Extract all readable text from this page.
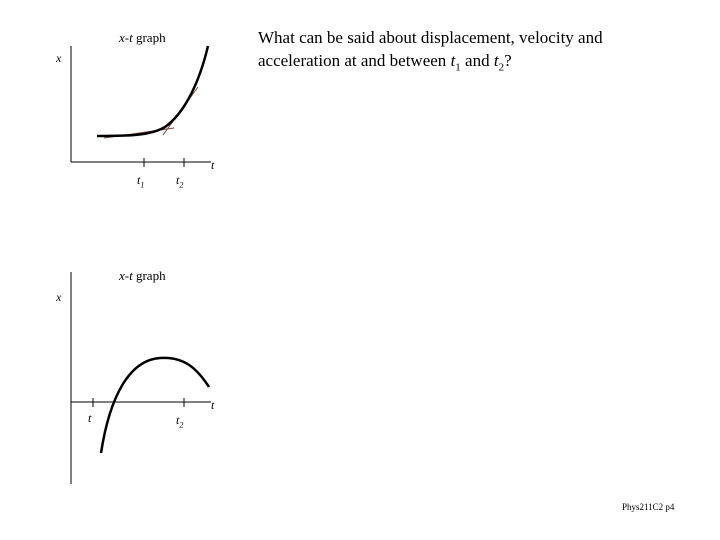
What can be said about displacement, velocity and acceleration at and between $t_1$ and $t_2$?
x-t graph
x
t
$t_1$	$t_2$
x-t graph
x
t
t	$t_2$
Phys211C2 p4
